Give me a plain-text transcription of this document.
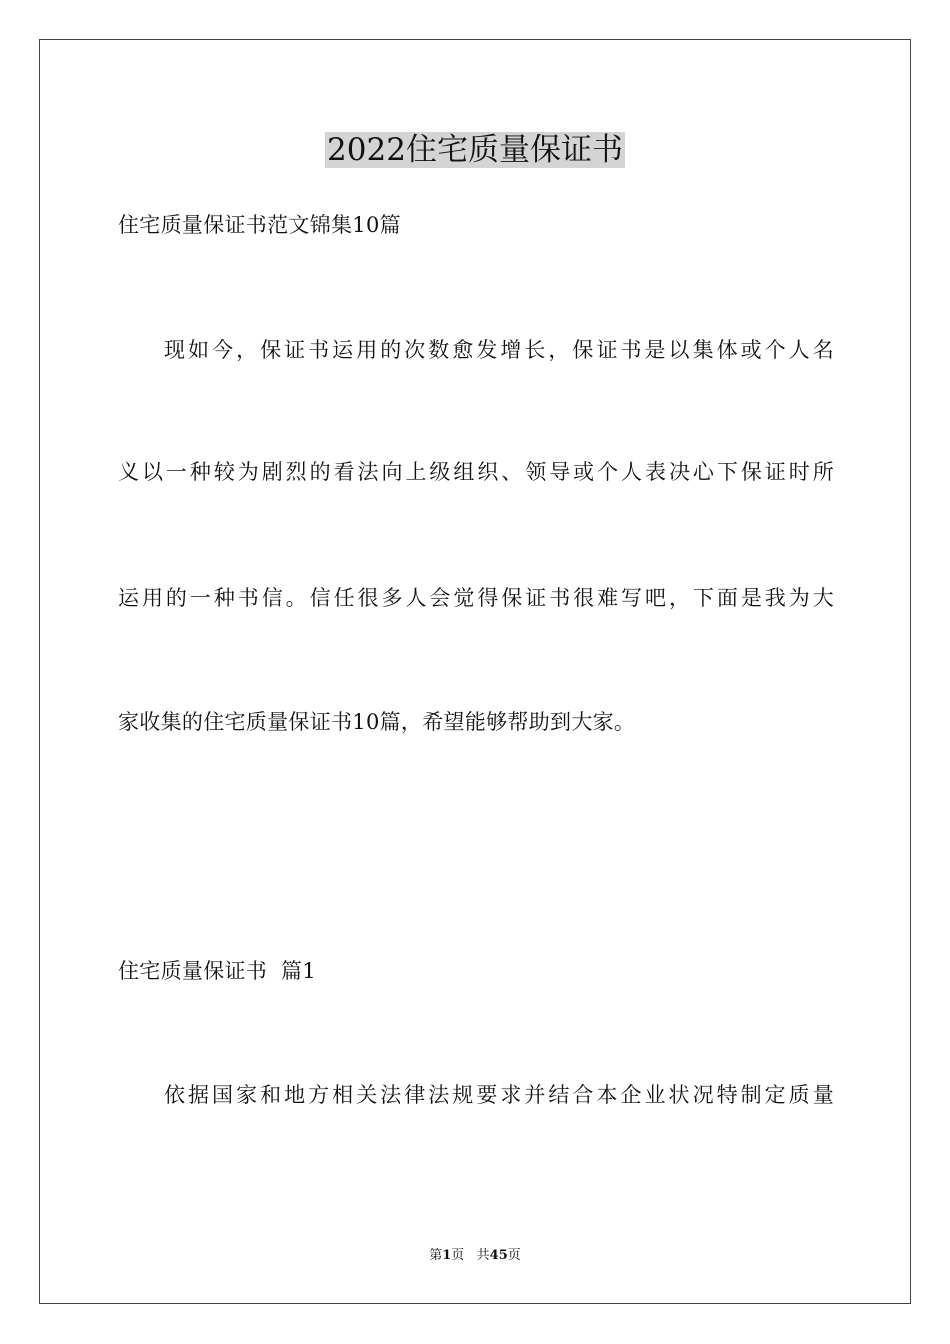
2022住宅质量保证书
住宅质量保证书范文锦集10篇
现如今，保证书运用的次数愈发增长，保证书是以集体或个人名
义以一种较为剧烈的看法向上级组织、领导或个人表决心下保证时所
运用的一种书信。信任很多人会觉得保证书很难写吧，下面是我为大
家收集的住宅质量保证书10篇，希望能够帮助到大家。
住宅质量保证书  篇1
依据国家和地方相关法律法规要求并结合本企业状况特制定质量
第1页   共45页
